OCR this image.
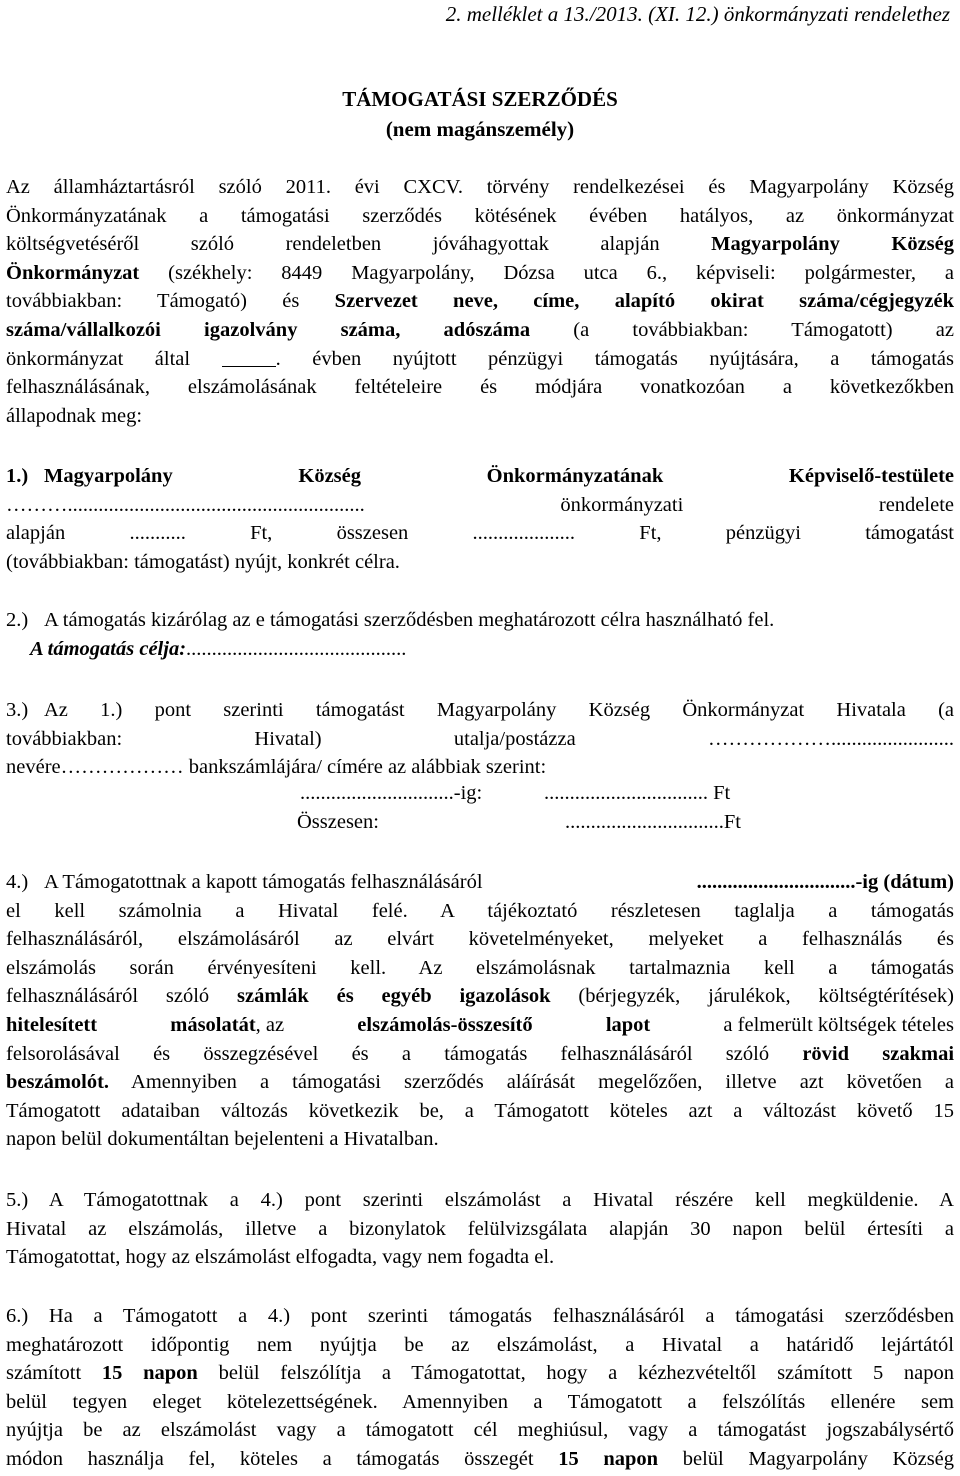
2. melléklet a 13./2013. (XI. 12.) önkormányzati rendelethez
TÁMOGATÁSI SZERZŐDÉS
(nem magánszemély)
Az államháztartásról szóló 2011. évi CXCV. törvény rendelkezései és Magyarpolány Község
Önkormányzatának a támogatási szerződés kötésének évében hatályos, az önkormányzat
költségvetéséről szóló rendeletben jóváhagyottak alapján	Magyarpolány Község
Önkormányzat (székhely: 8449 Magyarpolány, Dózsa utca 6., képviseli: polgármester, a
továbbiakban: Támogató) és Szervezet neve, címe, alapító okirat száma/cégjegyzék
száma/vállalkozói igazolvány száma, adószáma (a továbbiakban: Támogatott) az
önkormányzat által	. évben nyújtott pénzügyi támogatás nyújtására, a támogatás
felhasználásának, elszámolásának feltételeire és módjára vonatkozóan a következőkben
állapodnak meg:
1.) Magyarpolány	Község	Önkormányzatának	Képviselő-testülete
………..........................................................	önkormányzati	rendelete
alapján	...........	Ft,	összesen	....................	Ft,	pénzügyi	támogatást
(továbbiakban: támogatást) nyújt, konkrét célra.
2.) A támogatás kizárólag az e támogatási szerződésben meghatározott célra használható fel.
A támogatás célja:...........................................
3.) Az 1.) pont szerinti támogatást Magyarpolány Község Önkormányzat Hivatala (a
továbbiakban:	Hivatal)	utalja/postázza	………………........................
nevére……………… bankszámlájára/ címére az alábbiak szerint:
..............................-ig:	................................ Ft
Összesen:	...............................Ft
4.) A Támogatottnak a kapott támogatás felhasználásáról	...............................-ig (dátum)
el kell számolnia a Hivatal felé. A tájékoztató részletesen taglalja a támogatás
felhasználásáról, elszámolásáról az elvárt követelményeket, melyeket a felhasználás és
elszámolás során érvényesíteni kell. Az elszámolásnak tartalmaznia kell a támogatás
felhasználásáról szóló számlák és egyéb igazolások (bérjegyzék, járulékok, költségtérítések)
hitelesített	másolatát, az	elszámolás-összesítő	lapot	a felmerült költségek tételes
felsorolásával és összegzésével és a támogatás felhasználásáról szóló rövid szakmai
beszámolót. Amennyiben a támogatási szerződés aláírását megelőzően, illetve azt követően a
Támogatott adataiban változás következik be, a Támogatott köteles azt a változást követő 15
napon belül dokumentáltan bejelenteni a Hivatalban.
5.) A Támogatottnak a 4.) pont szerinti elszámolást a Hivatal részére kell megküldenie. A
Hivatal az elszámolás, illetve a bizonylatok felülvizsgálata alapján 30 napon belül értesíti a
Támogatottat, hogy az elszámolást elfogadta, vagy nem fogadta el.
6.) Ha a Támogatott a 4.) pont szerinti támogatás felhasználásáról a támogatási szerződésben
meghatározott időpontig nem nyújtja be az elszámolást, a Hivatal a határidő lejártától
számított 15 napon belül felszólítja a Támogatottat, hogy a kézhezvételtől számított 5 napon
belül tegyen eleget kötelezettségének. Amennyiben a Támogatott a felszólítás ellenére sem
nyújtja be az elszámolást vagy a támogatott cél meghiúsul, vagy a támogatást jogszabálysértő
módon használja fel, köteles a támogatás összegét 15 napon belül Magyarpolány Község
